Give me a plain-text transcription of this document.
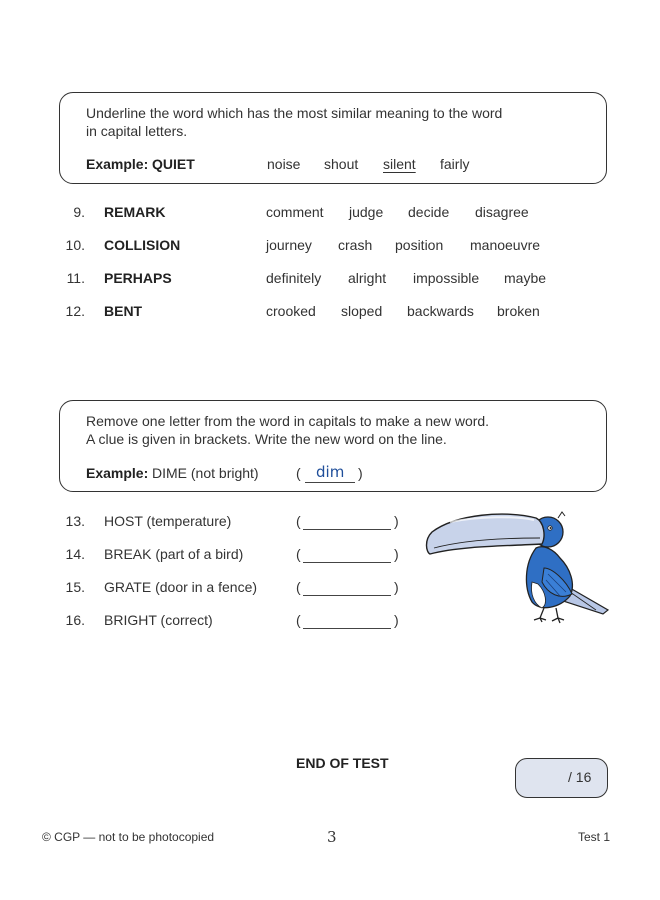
Underline the word which has the most similar meaning to the word
in capital letters.
Example: QUIET	noise shout silent fairly
9. REMARK	comment judge decide disagree
10. COLLISION	journey crash position manoeuvre
11. PERHAPS	definitely alright impossible maybe
12. BENT	crooked sloped backwards broken
Remove one letter from the word in capitals to make a new word.
A clue is given in brackets. Write the new word on the line.
Example: DIME (not bright)	( dim )
13. HOST (temperature)	(	)
14. BREAK (part of a bird)	(	)
15. GRATE (door in a fence)	(	)
16. BRIGHT (correct)	(	)
END OF TEST
/ 16
© CGP — not to be photocopied	3	Test 1
